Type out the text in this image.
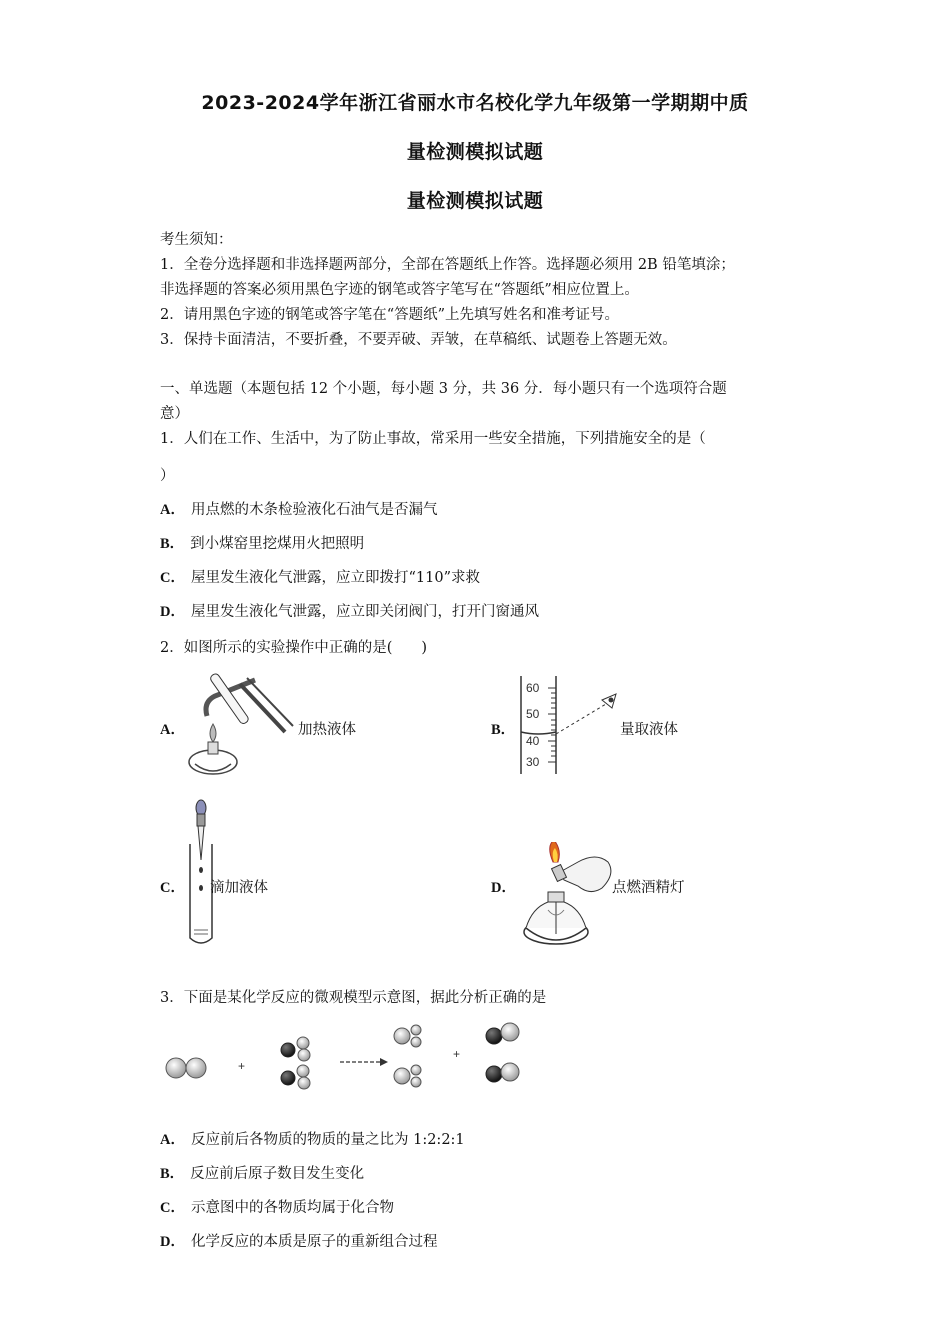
2023-2024学年浙江省丽水市名校化学九年级第一学期期中质
量检测模拟试题
量检测模拟试题
考生须知：
1．全卷分选择题和非选择题两部分，全部在答题纸上作答。选择题必须用 2B 铅笔填涂；
非选择题的答案必须用黑色字迹的钢笔或答字笔写在“答题纸”相应位置上。
2．请用黑色字迹的钢笔或答字笔在“答题纸”上先填写姓名和准考证号。
3．保持卡面清洁，不要折叠，不要弄破、弄皱，在草稿纸、试题卷上答题无效。
一、单选题（本题包括 12 个小题，每小题 3 分，共 36 分．每小题只有一个选项符合题
意）
1．人们在工作、生活中，为了防止事故，常采用一些安全措施，下列措施安全的是（
）
A． 用点燃的木条检验液化石油气是否漏气
B． 到小煤窑里挖煤用火把照明
C． 屋里发生液化气泄露，应立即拨打“110”求救
D． 屋里发生液化气泄露，应立即关闭阀门，打开门窗通风
2．如图所示的实验操作中正确的是(　　)
A．	加热液体	B．
60
50
40
30
量取液体
C． 滴加液体	D．	点燃酒精灯
3．下面是某化学反应的微观模型示意图，据此分析正确的是
+
+
A． 反应前后各物质的物质的量之比为 1:2:2:1
B． 反应前后原子数目发生变化
C． 示意图中的各物质均属于化合物
D． 化学反应的本质是原子的重新组合过程
